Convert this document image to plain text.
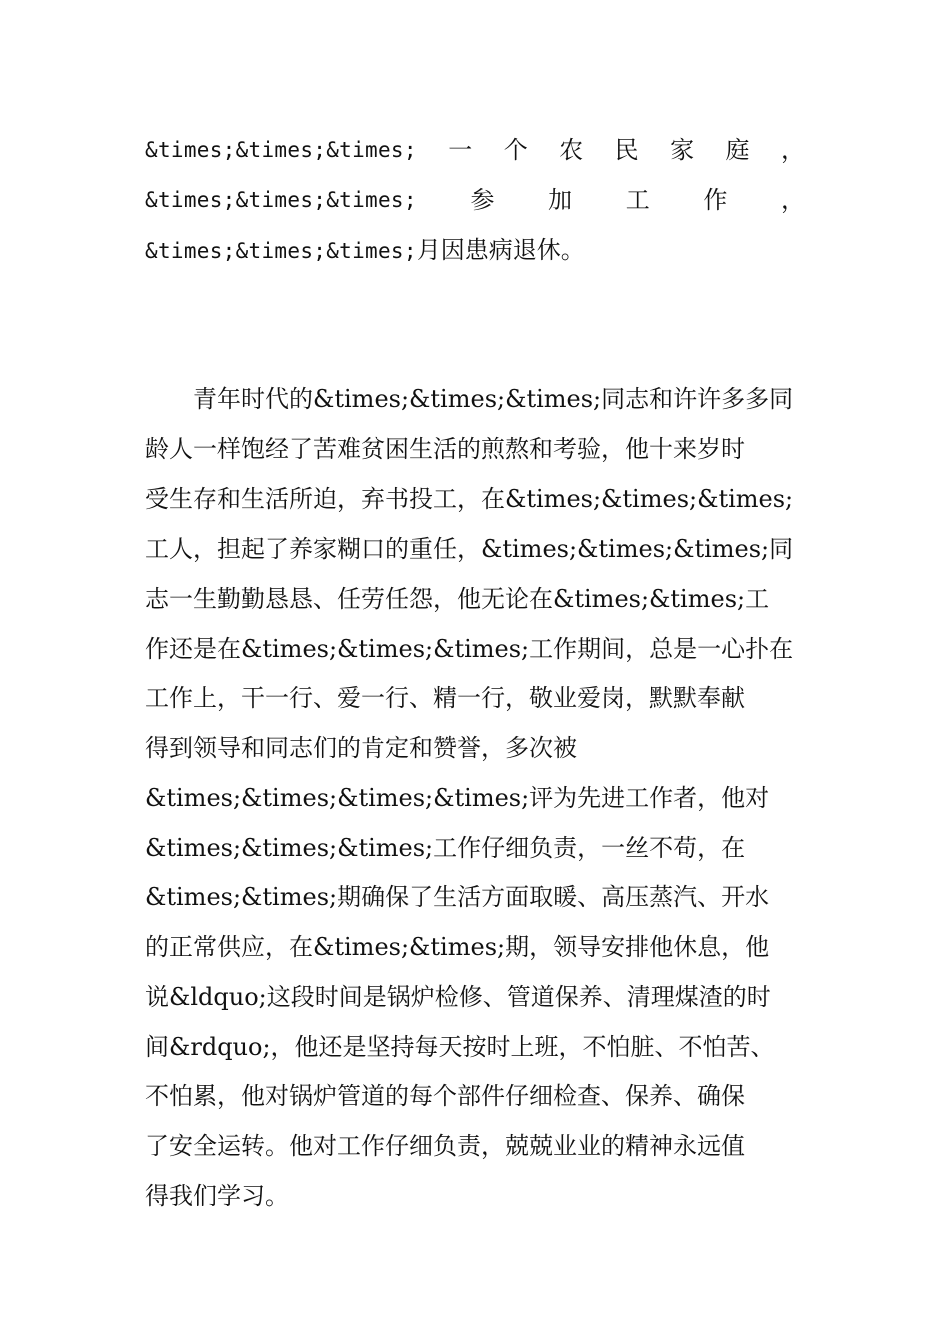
&times;&times;&times; 一 个 农 民 家 庭 ，
&times;&times;&times; 参 加 工 作 ，
&times;&times;&times;月因患病退休。
青年时代的&times;&times;&times;同志和许许多多同
龄人一样饱经了苦难贫困生活的煎熬和考验，他十来岁时
受生存和生活所迫，弃书投工，在&times;&times;&times;
工人，担起了养家糊口的重任，&times;&times;&times;同
志一生勤勤恳恳、任劳任怨，他无论在&times;&times;工
作还是在&times;&times;&times;工作期间，总是一心扑在
工作上，干一行、爱一行、精一行，敬业爱岗，默默奉献
得到领导和同志们的肯定和赞誉，多次被
&times;&times;&times;&times;评为先进工作者，他对
&times;&times;&times;工作仔细负责，一丝不苟，在
&times;&times;期确保了生活方面取暖、高压蒸汽、开水
的正常供应，在&times;&times;期，领导安排他休息，他
说&ldquo;这段时间是锅炉检修、管道保养、清理煤渣的时
间&rdquo;，他还是坚持每天按时上班，不怕脏、不怕苦、
不怕累，他对锅炉管道的每个部件仔细检查、保养、确保
了安全运转。他对工作仔细负责，兢兢业业的精神永远值
得我们学习。
